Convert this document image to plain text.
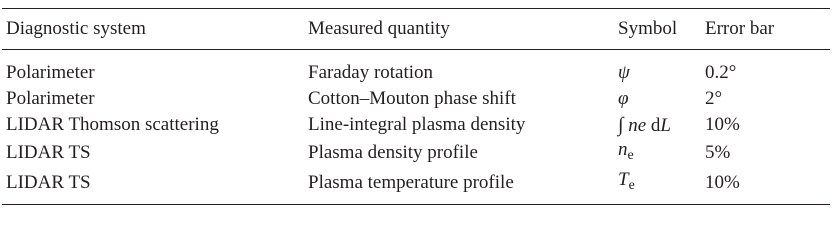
Diagnostic system	Measured quantity	Symbol	Error bar
Polarimeter	Faraday rotation	ψ	0.2°
Polarimeter	Cotton–Mouton phase shift	φ	2°
LIDAR Thomson scattering	Line-integral plasma density	∫ ne dL	10%
LIDAR TS	Plasma density profile	$n_e$	5%
LIDAR TS	Plasma temperature profile	$T_e$	10%
